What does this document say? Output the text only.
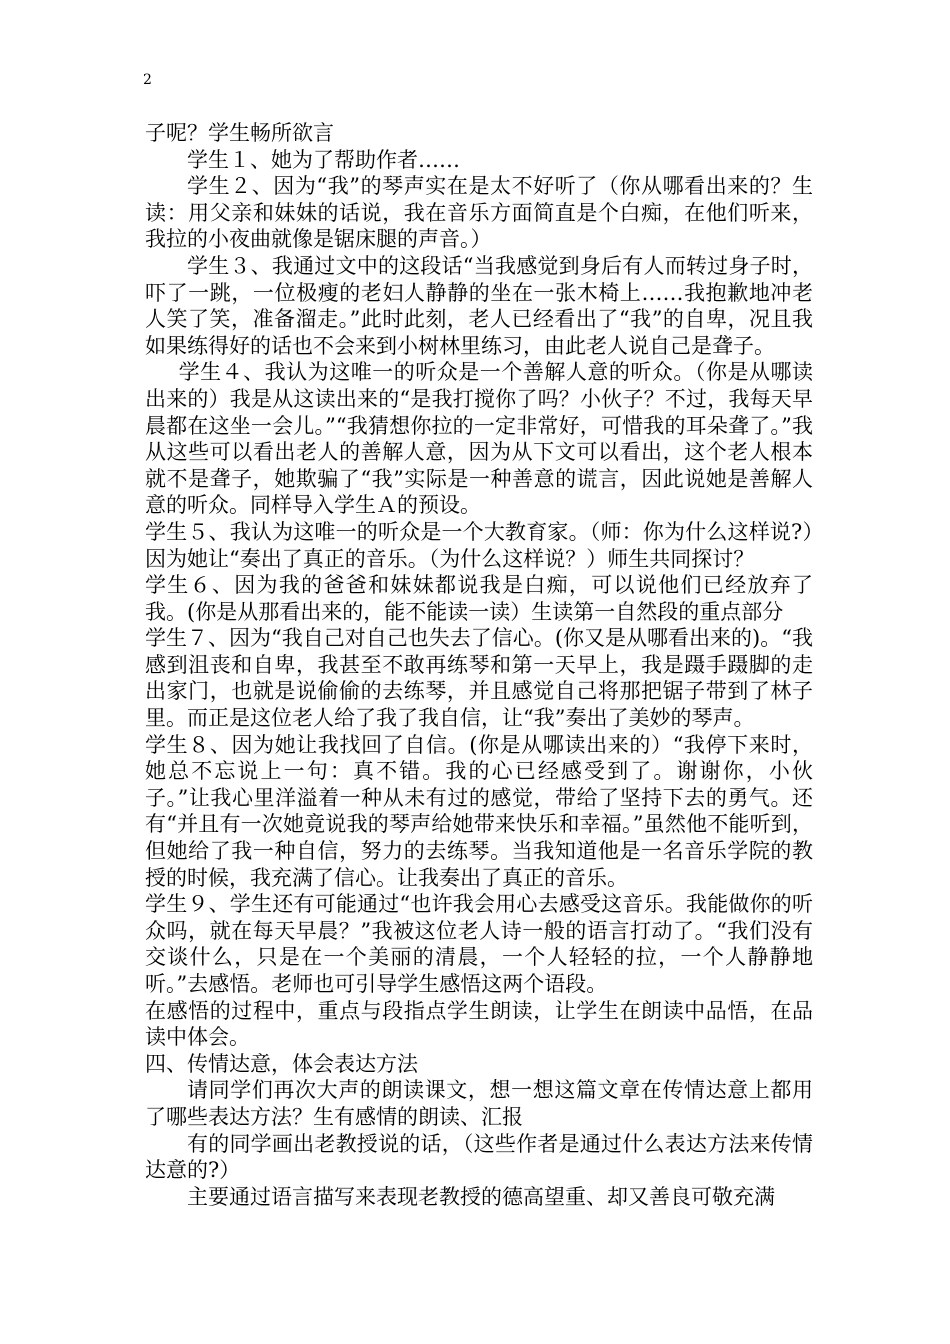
2

子呢？学生畅所欲言

学生１、她为了帮助作者……

学生２、因为“我”的琴声实在是太不好听了（你从哪看出来的？生读：用父亲和妹妹的话说，我在音乐方面简直是个白痴，在他们听来，我拉的小夜曲就像是锯床腿的声音。）

学生３、我通过文中的这段话“当我感觉到身后有人而转过身子时，吓了一跳，一位极瘦的老妇人静静的坐在一张木椅上……我抱歉地冲老人笑了笑，准备溜走。”此时此刻，老人已经看出了“我”的自卑，况且我如果练得好的话也不会来到小树林里练习，由此老人说自己是聋子。

学生４、我认为这唯一的听众是一个善解人意的听众。（你是从哪读出来的）我是从这读出来的“是我打搅你了吗？小伙子？不过，我每天早晨都在这坐一会儿。”“我猜想你拉的一定非常好，可惜我的耳朵聋了。”我从这些可以看出老人的善解人意，因为从下文可以看出，这个老人根本就不是聋子，她欺骗了“我”实际是一种善意的谎言，因此说她是善解人意的听众。同样导入学生Ａ的预设。

学生５、我认为这唯一的听众是一个大教育家。（师：你为什么这样说?）因为她让“奏出了真正的音乐。（为什么这样说？）师生共同探讨？

学生６、因为我的爸爸和妹妹都说我是白痴，可以说他们已经放弃了我。(你是从那看出来的，能不能读一读）生读第一自然段的重点部分

学生７、因为“我自己对自己也失去了信心。(你又是从哪看出来的)。“我感到沮丧和自卑，我甚至不敢再练琴和第一天早上，我是蹑手蹑脚的走出家门，也就是说偷偷的去练琴，并且感觉自己将那把锯子带到了林子里。而正是这位老人给了我了我自信，让“我”奏出了美妙的琴声。

学生８、因为她让我找回了自信。(你是从哪读出来的）“我停下来时，她总不忘说上一句：真不错。我的心已经感受到了。谢谢你，小伙子。”让我心里洋溢着一种从未有过的感觉，带给了坚持下去的勇气。还有“并且有一次她竟说我的琴声给她带来快乐和幸福。”虽然他不能听到，但她给了我一种自信，努力的去练琴。当我知道他是一名音乐学院的教授的时候，我充满了信心。让我奏出了真正的音乐。

学生９、学生还有可能通过“也许我会用心去感受这音乐。我能做你的听众吗，就在每天早晨？”我被这位老人诗一般的语言打动了。“我们没有交谈什么，只是在一个美丽的清晨，一个人轻轻的拉，一个人静静地听。”去感悟。老师也可引导学生感悟这两个语段。

在感悟的过程中，重点与段指点学生朗读，让学生在朗读中品悟，在品读中体会。

四、传情达意，体会表达方法

请同学们再次大声的朗读课文，想一想这篇文章在传情达意上都用了哪些表达方法？生有感情的朗读、汇报

有的同学画出老教授说的话，（这些作者是通过什么表达方法来传情达意的?）

主要通过语言描写来表现老教授的德高望重、却又善良可敬充满
